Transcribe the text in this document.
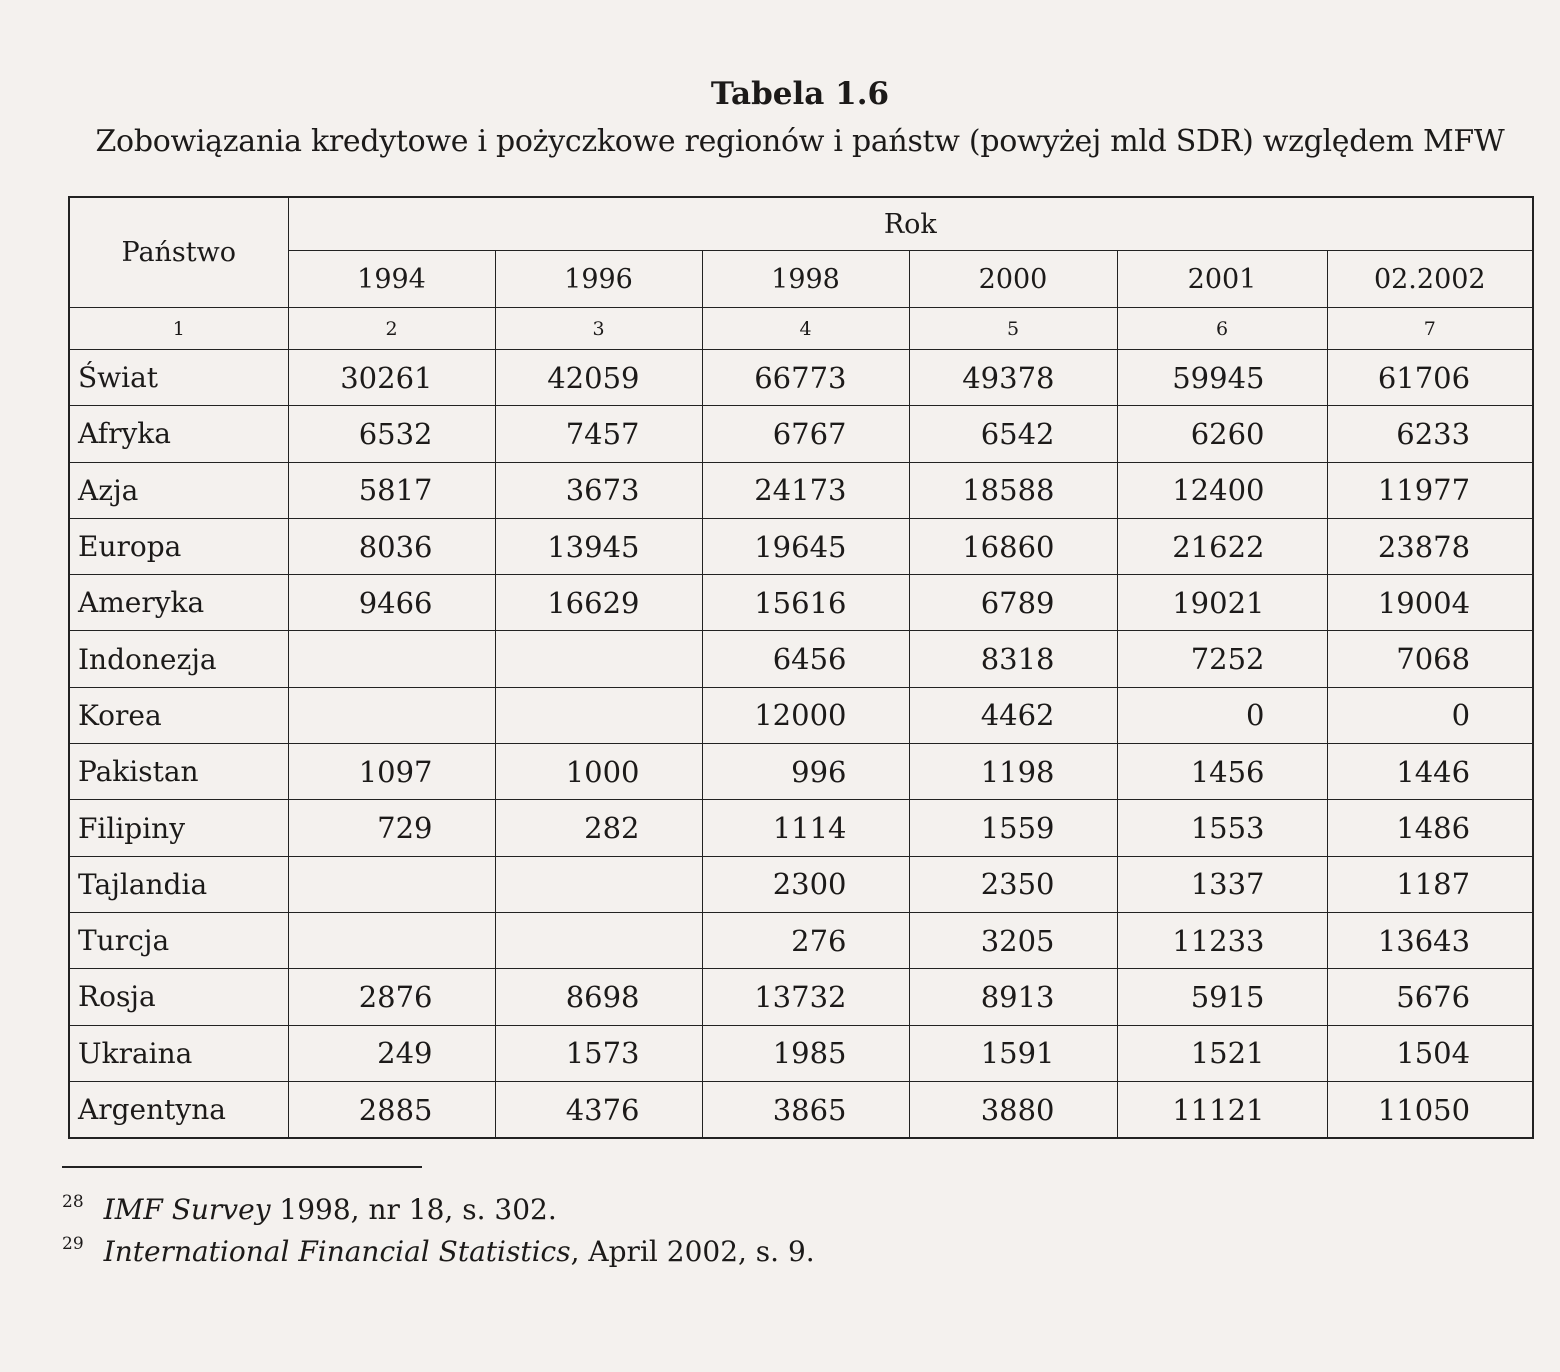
Tabela 1.6
Zobowiązania kredytowe i pożyczkowe regionów i państw (powyżej mld SDR) względem MFW
Państwo	Rok					
	1994	1996	1998	2000	2001	02.2002
1	2	3	4	5	6	7
Świat	30261	42059	66773	49378	59945	61706
Afryka	6532	7457	6767	6542	6260	6233
Azja	5817	3673	24173	18588	12400	11977
Europa	8036	13945	19645	16860	21622	23878
Ameryka	9466	16629	15616	6789	19021	19004
Indonezja			6456	8318	7252	7068
Korea			12000	4462	0	0
Pakistan	1097	1000	996	1198	1456	1446
Filipiny	729	282	1114	1559	1553	1486
Tajlandia			2300	2350	1337	1187
Turcja			276	3205	11233	13643
Rosja	2876	8698	13732	8913	5915	5676
Ukraina	249	1573	1985	1591	1521	1504
Argentyna	2885	4376	3865	3880	11121	11050
$^{28}$ IMF Survey 1998, nr 18, s. 302.
$^{29}$ International Financial Statistics, April 2002, s. 9.
